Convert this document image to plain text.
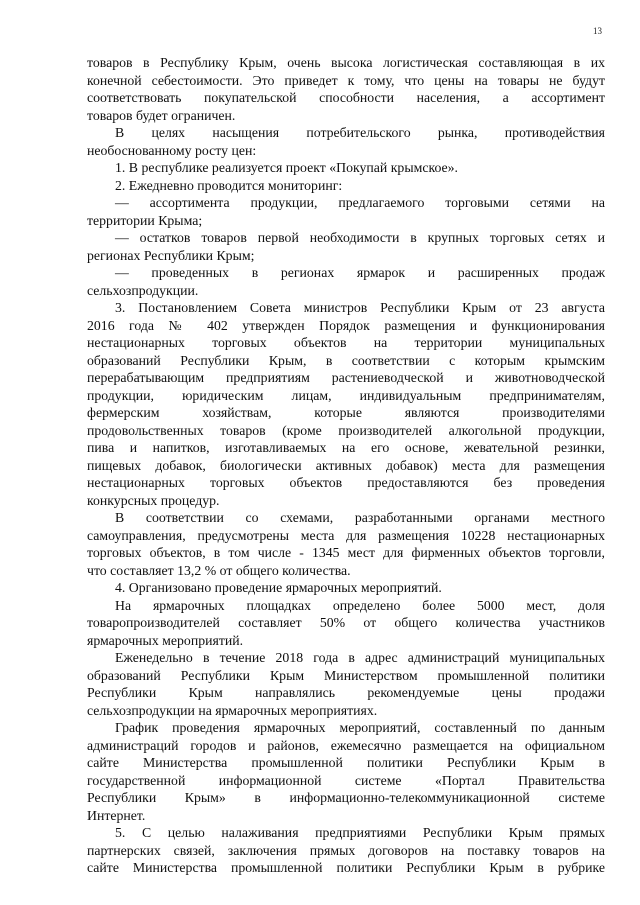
13
товаров в Республику Крым, очень высока логистическая составляющая в их
конечной себестоимости. Это приведет к тому, что цены на товары не будут
соответствовать покупательской способности населения, а ассортимент
товаров будет ограничен.
В целях насыщения потребительского рынка, противодействия
необоснованному росту цен:
1. В республике реализуется проект «Покупай крымское».
2. Ежедневно проводится мониторинг:
— ассортимента продукции, предлагаемого торговыми сетями на
территории Крыма;
— остатков товаров первой необходимости в крупных торговых сетях и
регионах Республики Крым;
— проведенных в регионах ярмарок и расширенных продаж
сельхозпродукции.
3. Постановлением Совета министров Республики Крым от 23 августа
2016 года № 402 утвержден Порядок размещения и функционирования
нестационарных торговых объектов на территории муниципальных
образований Республики Крым, в соответствии с которым крымским
перерабатывающим предприятиям растениеводческой и животноводческой
продукции, юридическим лицам, индивидуальным предпринимателям,
фермерским хозяйствам, которые являются производителями
продовольственных товаров (кроме производителей алкогольной продукции,
пива и напитков, изготавливаемых на его основе, жевательной резинки,
пищевых добавок, биологически активных добавок) места для размещения
нестационарных торговых объектов предоставляются без проведения
конкурсных процедур.
В соответствии со схемами, разработанными органами местного
самоуправления, предусмотрены места для размещения 10228 нестационарных
торговых объектов, в том числе - 1345 мест для фирменных объектов торговли,
что составляет 13,2 % от общего количества.
4. Организовано проведение ярмарочных мероприятий.
На ярмарочных площадках определено более 5000 мест, доля
товаропроизводителей составляет 50% от общего количества участников
ярмарочных мероприятий.
Еженедельно в течение 2018 года в адрес администраций муниципальных
образований Республики Крым Министерством промышленной политики
Республики Крым направлялись рекомендуемые цены продажи
сельхозпродукции на ярмарочных мероприятиях.
График проведения ярмарочных мероприятий, составленный по данным
администраций городов и районов, ежемесячно размещается на официальном
сайте Министерства промышленной политики Республики Крым в
государственной информационной системе «Портал Правительства
Республики Крым» в информационно-телекоммуникационной системе
Интернет.
5. С целью налаживания предприятиями Республики Крым прямых
партнерских связей, заключения прямых договоров на поставку товаров на
сайте Министерства промышленной политики Республики Крым в рубрике
